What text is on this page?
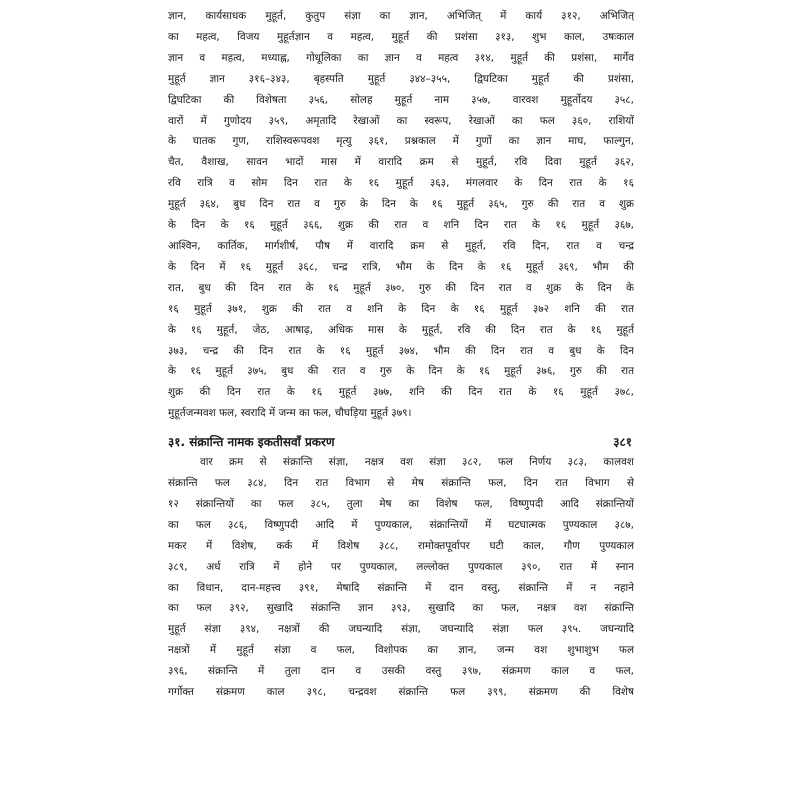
ज्ञान, कार्यसाधक मुहूर्त, कुतुप संज्ञा का ज्ञान, अभिजित् में कार्य ३१२, अभिजित्

का महत्व, विजय मुहूर्तज्ञान व महत्व, मुहूर्त की प्रशंसा ३१३, शुभ काल, उषःकाल

ज्ञान व महत्व, मध्याह्न, गोधूलिका का ज्ञान व महत्व ३१४, मुहूर्त की प्रशंसा, मार्गेव

मुहूर्त ज्ञान ३१६–३४३, बृहस्पति मुहूर्त ३४४–३५५, द्विघटिका मुहूर्त की प्रशंसा,

द्विघटिका की विशेषता ३५६, सोलह मुहूर्त नाम ३५७, वारवश मुहूर्तोदय ३५८,

वारों में गुणोदय ३५९, अमृतादि रेखाओं का स्वरूप, रेखाओं का फल ३६०, राशियों

के घातक गुण, राशिस्वरूपवश मृत्यु ३६१, प्रश्नकाल में गुणों का ज्ञान माघ, फाल्गुन,

चैत, वैशाख, सावन भादों मास में वारादि क्रम से मुहूर्त, रवि दिवा मुहूर्त ३६२,

रवि रात्रि व सोम दिन रात के १६ मुहूर्त ३६३, मंगलवार के दिन रात के १६

मुहूर्त ३६४, बुध दिन रात व गुरु के दिन के १६ मुहूर्त ३६५, गुरु की रात व शुक्र

के दिन के १६ मुहूर्त ३६६, शुक्र की रात व शनि दिन रात के १६ मुहूर्त ३६७,

आश्विन, कार्तिक, मार्गशीर्ष, पौष में वारादि क्रम से मुहूर्त, रवि दिन, रात व चन्द्र

के दिन में १६ मुहूर्त ३६८, चन्द्र रात्रि, भौम के दिन के १६ मुहूर्त ३६९, भौम की

रात, बुध की दिन रात के १६ मुहूर्त ३७०, गुरु की दिन रात व शुक्र के दिन के

१६ मुहूर्त ३७१, शुक्र की रात व शनि के दिन के १६ मुहूर्त ३७२ शनि की रात

के १६ मुहूर्त, जेठ, आषाढ़, अधिक मास के मुहूर्त, रवि की दिन रात के १६ मुहूर्त

३७३, चन्द्र की दिन रात के १६ मुहूर्त ३७४, भौम की दिन रात व बुध के दिन

के १६ मुहूर्त ३७५, बुध की रात व गुरु के दिन के १६ मुहूर्त ३७६, गुरु की रात

शुक्र की दिन रात के १६ मुहूर्त ३७७, शनि की दिन रात के १६ मुहूर्त ३७८,

मुहूर्तजन्मवश फल, स्वरादि में जन्म का फल, चौघड़िया मुहूर्त ३७९।

३१. संक्रान्ति नामक इकतीसवाँ प्रकरण	३८१

वार क्रम से संक्रान्ति संज्ञा, नक्षत्र वश संज्ञा ३८२, फल निर्णय ३८३, कालवश

संक्रान्ति फल ३८४, दिन रात विभाग से मेष संक्रान्ति फल, दिन रात विभाग से

१२ संक्रान्तियों का फल ३८५, तुला मेष का विशेष फल, विष्णुपदी आदि संक्रान्तियों

का फल ३८६, विष्णुपदी आदि में पुण्यकाल, संक्रान्तियों में घटघात्मक पुण्यकाल ३८७,

मकर में विशेष, कर्क में विशेष ३८८, रामोक्तपूर्वापर घटी काल, गौण पुण्यकाल

३८९, अर्ध रात्रि में होने पर पुण्यकाल, लल्लोक्त पुण्यकाल ३९०, रात में स्नान

का विधान, दान-महत्त्व ३९१, मेषादि संक्रान्ति में दान वस्तु, संक्रान्ति में न नहाने

का फल ३९२, सुखादि संक्रान्ति ज्ञान ३९३, सुखादि का फल, नक्षत्र वश संक्रान्ति

मुहूर्त संज्ञा ३९४, नक्षत्रों की जघन्यादि संज्ञा, जघन्यादि संज्ञा फल ३९५. जघन्यादि

नक्षत्रों में मुहूर्त संज्ञा व फल, विशोपक का ज्ञान, जन्म वश शुभाशुभ फल

३९६, संक्रान्ति में तुला दान व उसकी वस्तु ३९७, संक्रमण काल व फल,

गर्गोक्त संक्रमण काल ३९८, चन्द्रवश संक्रान्ति फल ३९९, संक्रमण की विशेष
